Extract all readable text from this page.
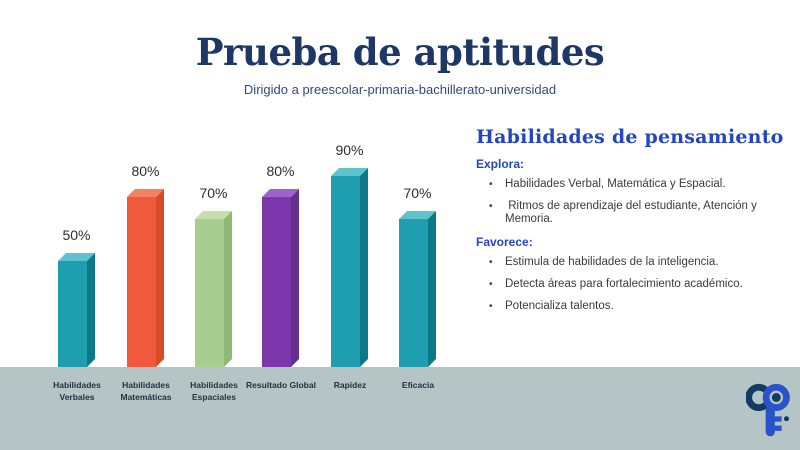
Prueba de aptitudes
Dirigido a preescolar-primaria-bachillerato-universidad
50%
Habilidades Verbales
80%
Habilidades Matemáticas
70%
Habilidades Espaciales
80%
Resultado Global
90%
Rapidez
70%
Eficacia
Habilidades de pensamiento
Explora:
•	Habilidades Verbal, Matemática y Espacial.
•	Ritmos de aprendizaje del estudiante, Atención y Memoria.
Favorece:
•	Estimula de habilidades de la inteligencia.
•	Detecta áreas para fortalecimiento académico.
•	Potencializa talentos.
